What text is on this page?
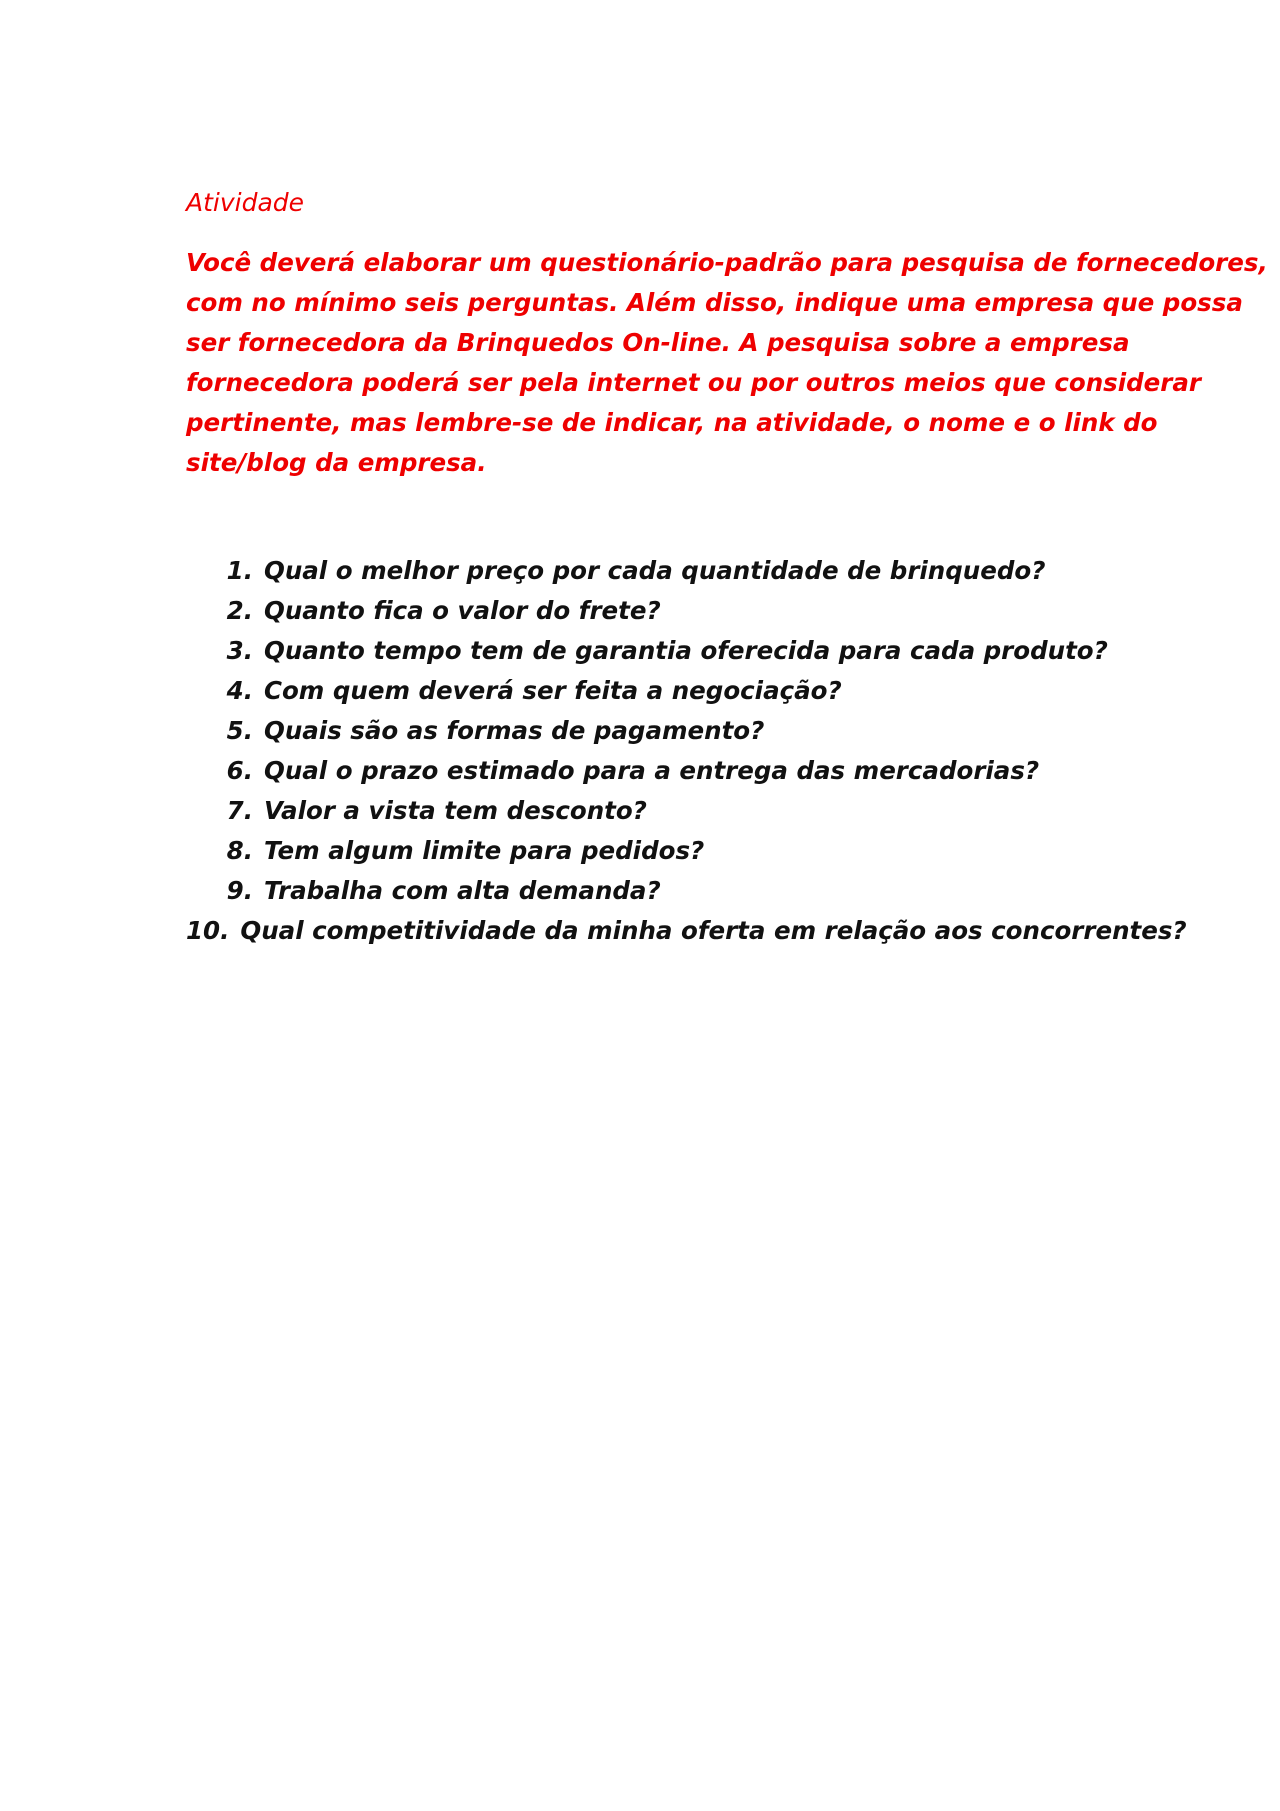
Atividade

Você deverá elaborar um questionário-padrão para pesquisa de fornecedores,
com no mínimo seis perguntas. Além disso, indique uma empresa que possa
ser fornecedora da Brinquedos On-line. A pesquisa sobre a empresa
fornecedora poderá ser pela internet ou por outros meios que considerar
pertinente, mas lembre-se de indicar, na atividade, o nome e o link do
site/blog da empresa.

1. Qual o melhor preço por cada quantidade de brinquedo?
2. Quanto fica o valor do frete?
3. Quanto tempo tem de garantia oferecida para cada produto?
4. Com quem deverá ser feita a negociação?
5. Quais são as formas de pagamento?
6. Qual o prazo estimado para a entrega das mercadorias?
7. Valor a vista tem desconto?
8. Tem algum limite para pedidos?
9. Trabalha com alta demanda?
10. Qual competitividade da minha oferta em relação aos concorrentes?
